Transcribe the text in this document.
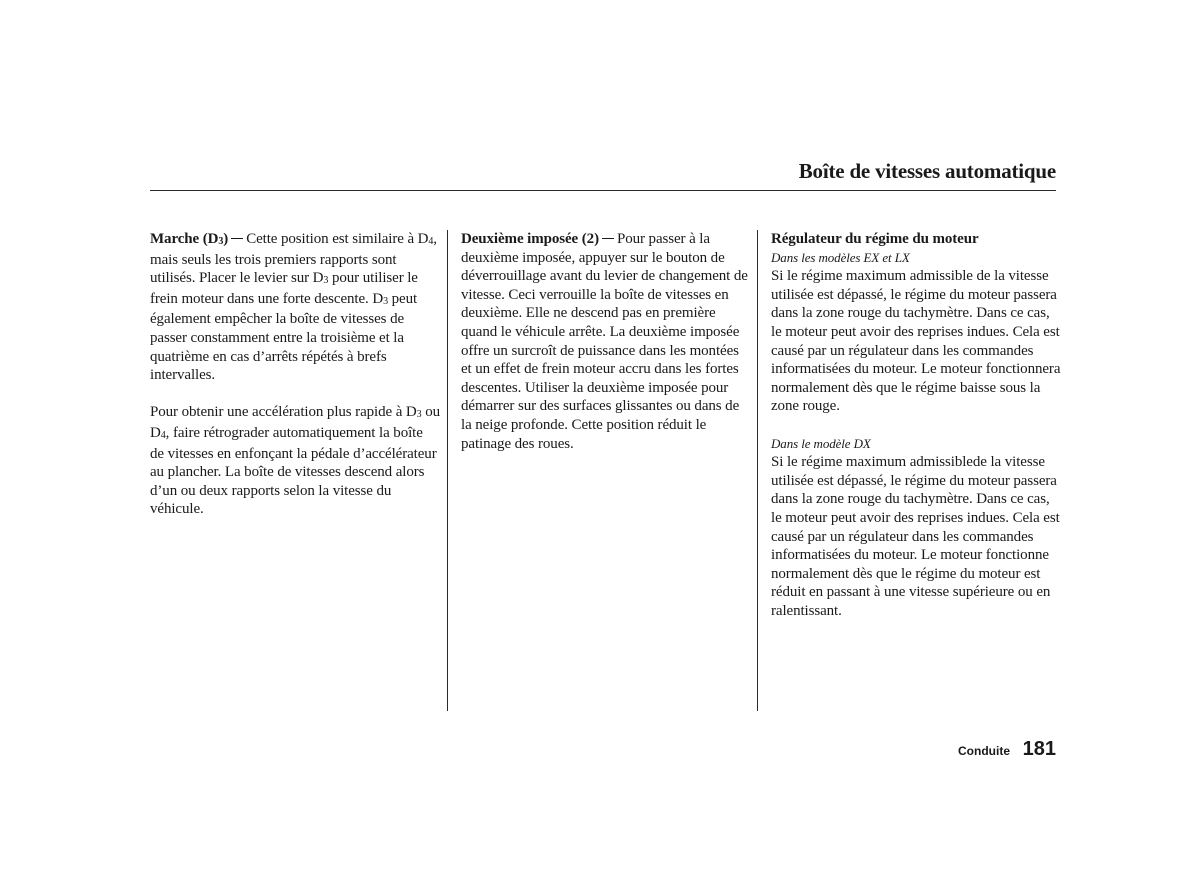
Boîte de vitesses automatique

Marche (D3) Cette position est similaire à D4, mais seuls les trois premiers rapports sont utilisés. Placer le levier sur D3 pour utiliser le frein moteur dans une forte descente. D3 peut également empêcher la boîte de vitesses de passer constamment entre la troisième et la quatrième en cas d’arrêts répétés à brefs intervalles.

Pour obtenir une accélération plus rapide à D3 ou D4, faire rétrograder automatiquement la boîte de vitesses en enfonçant la pédale d’accélérateur au plancher. La boîte de vitesses descend alors d’un ou deux rapports selon la vitesse du véhicule.

Deuxième imposée (2) Pour passer à la deuxième imposée, appuyer sur le bouton de déverrouillage avant du levier de changement de vitesse. Ceci verrouille la boîte de vitesses en deuxième. Elle ne descend pas en première quand le véhicule arrête. La deuxième imposée offre un surcroît de puissance dans les montées et un effet de frein moteur accru dans les fortes descentes. Utiliser la deuxième imposée pour démarrer sur des surfaces glissantes ou dans de la neige profonde. Cette position réduit le patinage des roues.

Régulateur du régime du moteur

Dans les modèles EX et LX

Si le régime maximum admissible de la vitesse utilisée est dépassé, le régime du moteur passera dans la zone rouge du tachymètre. Dans ce cas, le moteur peut avoir des reprises indues. Cela est causé par un régulateur dans les commandes informatisées du moteur. Le moteur fonctionnera normalement dès que le régime baisse sous la zone rouge.

Dans le modèle DX

Si le régime maximum admissiblede la vitesse utilisée est dépassé, le régime du moteur passera dans la zone rouge du tachymètre. Dans ce cas, le moteur peut avoir des reprises indues. Cela est causé par un régulateur dans les commandes informatisées du moteur. Le moteur fonctionne normalement dès que le régime du moteur est réduit en passant à une vitesse supérieure ou en ralentissant.

Conduite 181
